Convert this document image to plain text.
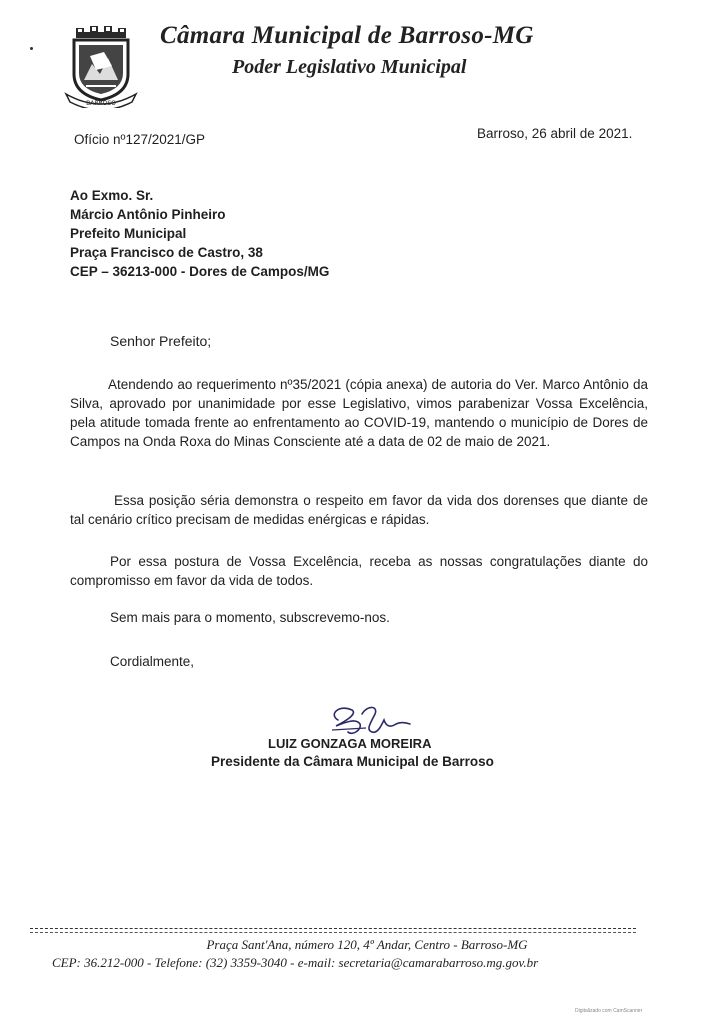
BARROSO
Câmara Municipal de Barroso-MG
Poder Legislativo Municipal
Ofício nº127/2021/GP	Barroso, 26 abril de 2021.
Ao Exmo. Sr.
Márcio Antônio Pinheiro
Prefeito Municipal
Praça Francisco de Castro, 38
CEP – 36213-000 - Dores de Campos/MG
Senhor Prefeito;
Atendendo ao requerimento nº35/2021 (cópia anexa) de autoria do Ver. Marco Antônio da Silva, aprovado por unanimidade por esse Legislativo, vimos parabenizar Vossa Excelência, pela atitude tomada frente ao enfrentamento ao COVID-19, mantendo o município de Dores de Campos na Onda Roxa do Minas Consciente até a data de 02 de maio de 2021.
Essa posição séria demonstra o respeito em favor da vida dos dorenses que diante de tal cenário crítico precisam de medidas enérgicas e rápidas.
Por essa postura de Vossa Excelência, receba as nossas congratulações diante do compromisso em favor da vida de todos.
Sem mais para o momento, subscrevemo-nos.
Cordialmente,
LUIZ GONZAGA MOREIRA
Presidente da Câmara Municipal de Barroso
Praça Sant'Ana, número 120, 4º Andar, Centro - Barroso-MG
CEP: 36.212-000 - Telefone: (32) 3359-3040 - e-mail: secretaria@camarabarroso.mg.gov.br
Digitalizado com CamScanner
